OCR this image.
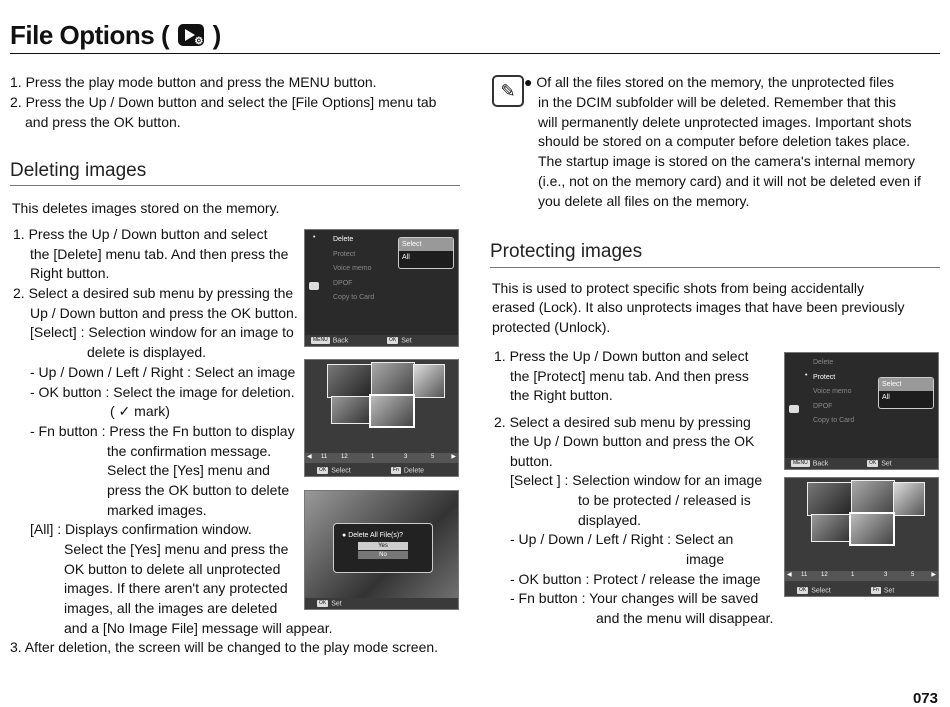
File Options ( ⚙ )
1. Press the play mode button and press the MENU button.
2. Press the Up / Down button and select the [File Options] menu tab
and press the OK button.
Deleting images
This deletes images stored on the memory.
1. Press the Up / Down button and select
the [Delete] menu tab. And then press the
Right button.
2. Select a desired sub menu by pressing the
Up / Down button and press the OK button.
[Select] : Selection window for an image to
delete is displayed.
- Up / Down / Left / Right : Select an image
- OK button : Select the image for deletion.
( ✓ mark)
- Fn button : Press the Fn button to display
the confirmation message.
Select the [Yes] menu and
press the OK button to delete
marked images.
[All] : Displays confirmation window.
Select the [Yes] menu and press the
OK button to delete all unprotected
images. If there aren't any protected
images, all the images are deleted
and a [No Image File] message will appear.
3. After deletion, the screen will be changed to the play mode screen.
•	Delete
Protect
Voice memo
DPOF
Copy to Card
Select
All
MENU Back	OK Set
◀ 11 12	1	3	5	▶
OK Select	Fn Delete
● Delete All File(s)?
Yes
No
OK Set
✎ ● Of all the files stored on the memory, the unprotected files
in the DCIM subfolder will be deleted. Remember that this
will permanently delete unprotected images. Important shots
should be stored on a computer before deletion takes place.
The startup image is stored on the camera's internal memory
(i.e., not on the memory card) and it will not be deleted even if
you delete all files on the memory.
Protecting images
This is used to protect specific shots from being accidentally
erased (Lock). It also unprotects images that have been previously
protected (Unlock).
1. Press the Up / Down button and select
the [Protect] menu tab. And then press
the Right button.
2. Select a desired sub menu by pressing
the Up / Down button and press the OK
button.
[Select ] : Selection window for an image
to be protected / released is
displayed.
- Up / Down / Left / Right : Select an
image
- OK button : Protect / release the image
- Fn button : Your changes will be saved
and the menu will disappear.
Delete
• Protect
Voice memo
DPOF
Copy to Card
Select
All
MENU Back	OK Set
◀ 11 12	1	3	5	▶
OK Select	Fn Set
073
